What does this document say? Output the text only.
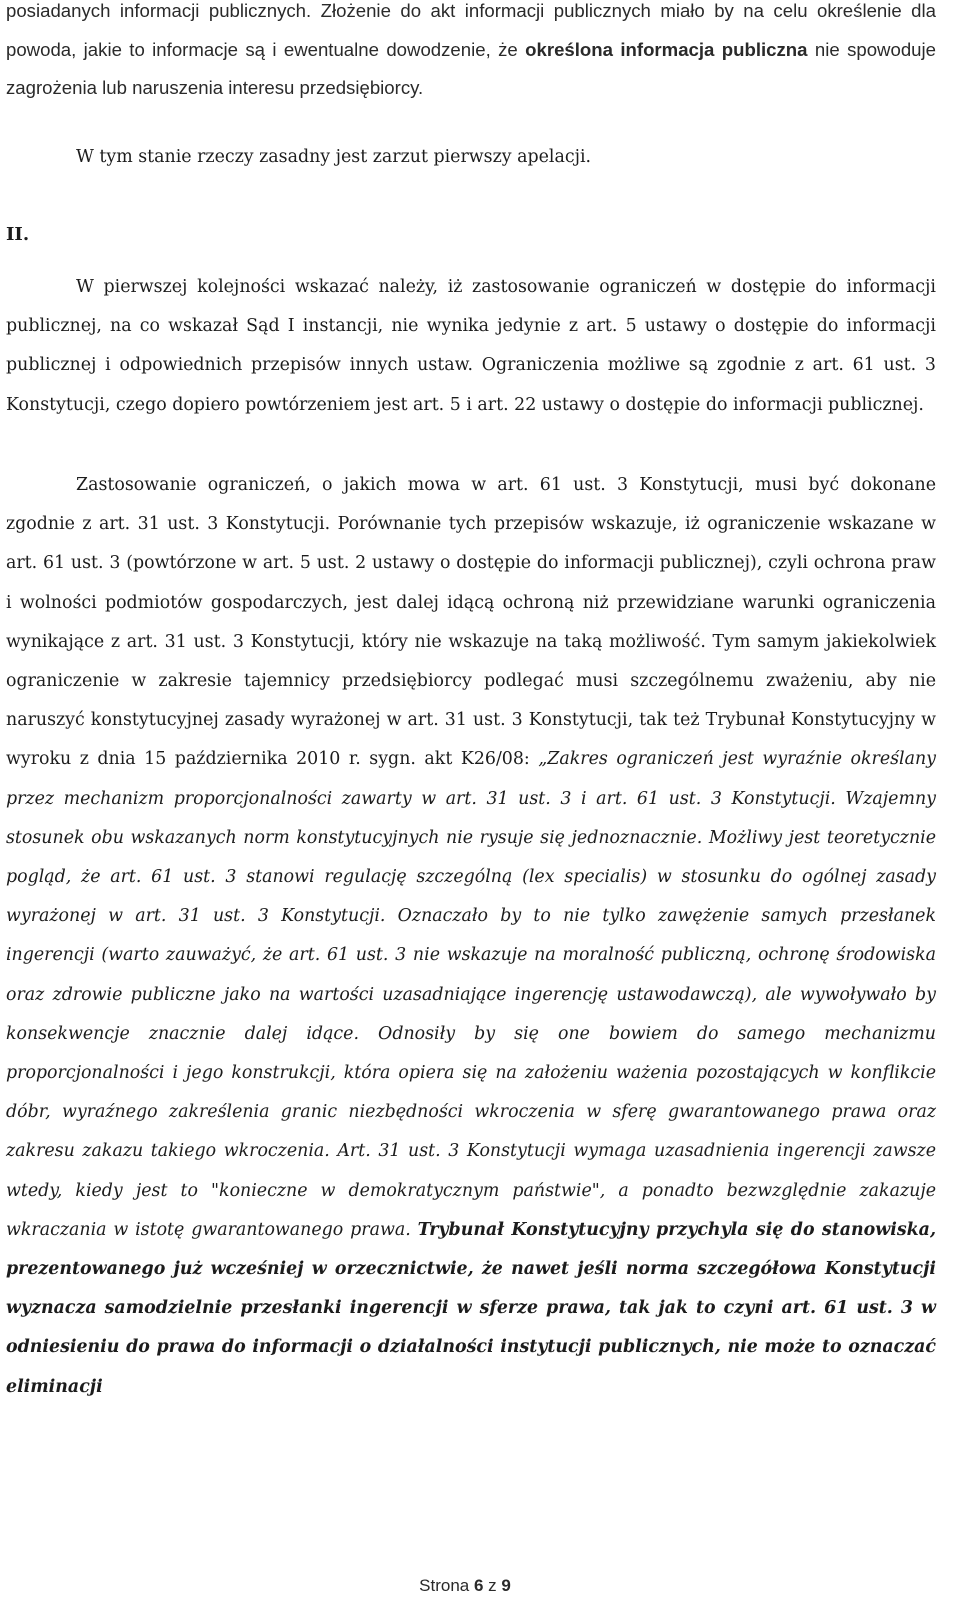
posiadanych informacji publicznych. Złożenie do akt informacji publicznych miało by na celu określenie dla powoda, jakie to informacje są i ewentualne dowodzenie, że określona informacja publiczna nie spowoduje zagrożenia lub naruszenia interesu przedsiębiorcy.

W tym stanie rzeczy zasadny jest zarzut pierwszy apelacji.

II.

W pierwszej kolejności wskazać należy, iż zastosowanie ograniczeń w dostępie do informacji publicznej, na co wskazał Sąd I instancji, nie wynika jedynie z art. 5 ustawy o dostępie do informacji publicznej i odpowiednich przepisów innych ustaw. Ograniczenia możliwe są zgodnie z art. 61 ust. 3 Konstytucji, czego dopiero powtórzeniem jest art. 5 i art. 22 ustawy o dostępie do informacji publicznej.

Zastosowanie ograniczeń, o jakich mowa w art. 61 ust. 3 Konstytucji, musi być dokonane zgodnie z art. 31 ust. 3 Konstytucji. Porównanie tych przepisów wskazuje, iż ograniczenie wskazane w art. 61 ust. 3 (powtórzone w art. 5 ust. 2 ustawy o dostępie do informacji publicznej), czyli ochrona praw i wolności podmiotów gospodarczych, jest dalej idącą ochroną niż przewidziane warunki ograniczenia wynikające z art. 31 ust. 3 Konstytucji, który nie wskazuje na taką możliwość. Tym samym jakiekolwiek ograniczenie w zakresie tajemnicy przedsiębiorcy podlegać musi szczególnemu zważeniu, aby nie naruszyć konstytucyjnej zasady wyrażonej w art. 31 ust. 3 Konstytucji, tak też Trybunał Konstytucyjny w wyroku z dnia 15 października 2010 r. sygn. akt K26/08: „Zakres ograniczeń jest wyraźnie określany przez mechanizm proporcjonalności zawarty w art. 31 ust. 3 i art. 61 ust. 3 Konstytucji. Wzajemny stosunek obu wskazanych norm konstytucyjnych nie rysuje się jednoznacznie. Możliwy jest teoretycznie pogląd, że art. 61 ust. 3 stanowi regulację szczególną (lex specialis) w stosunku do ogólnej zasady wyrażonej w art. 31 ust. 3 Konstytucji. Oznaczało by to nie tylko zawężenie samych przesłanek ingerencji (warto zauważyć, że art. 61 ust. 3 nie wskazuje na moralność publiczną, ochronę środowiska oraz zdrowie publiczne jako na wartości uzasadniające ingerencję ustawodawczą), ale wywoływało by konsekwencje znacznie dalej idące. Odnosiły by się one bowiem do samego mechanizmu proporcjonalności i jego konstrukcji, która opiera się na założeniu ważenia pozostających w konflikcie dóbr, wyraźnego zakreślenia granic niezbędności wkroczenia w sferę gwarantowanego prawa oraz zakresu zakazu takiego wkroczenia. Art. 31 ust. 3 Konstytucji wymaga uzasadnienia ingerencji zawsze wtedy, kiedy jest to "konieczne w demokratycznym państwie", a ponadto bezwzględnie zakazuje wkraczania w istotę gwarantowanego prawa. Trybunał Konstytucyjny przychyla się do stanowiska, prezentowanego już wcześniej w orzecznictwie, że nawet jeśli norma szczegółowa Konstytucji wyznacza samodzielnie przesłanki ingerencji w sferze prawa, tak jak to czyni art. 61 ust. 3 w odniesieniu do prawa do informacji o działalności instytucji publicznych, nie może to oznaczać eliminacji

Strona 6 z 9
